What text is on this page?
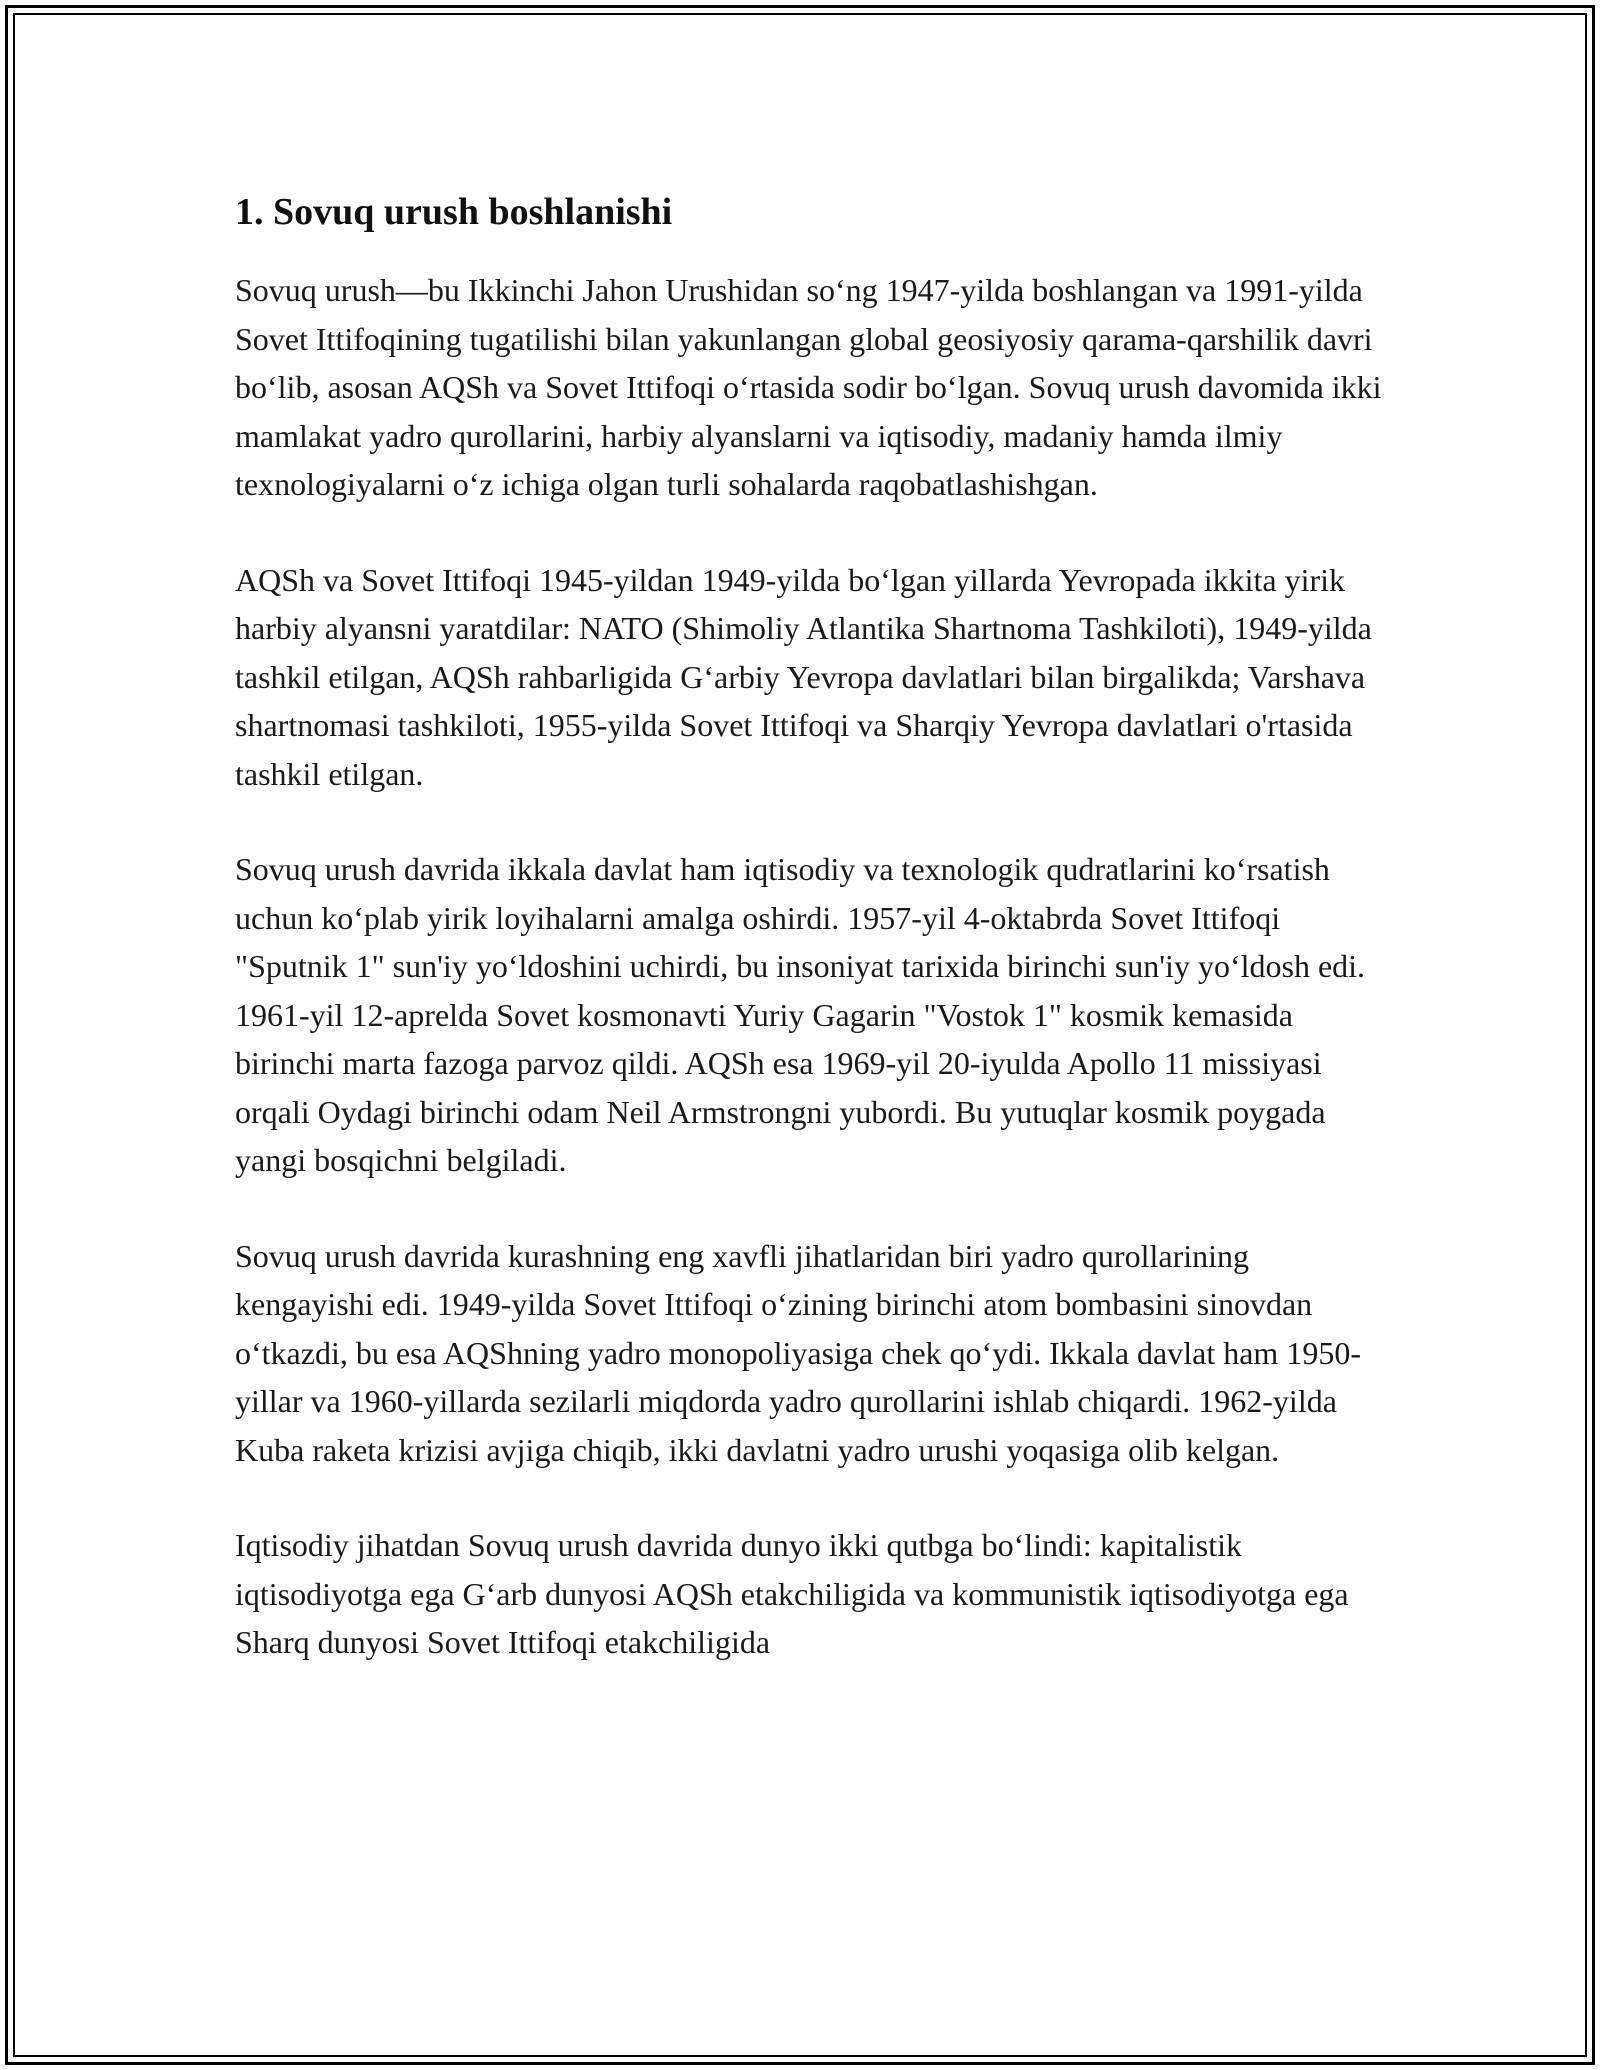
1. Sovuq urush boshlanishi

Sovuq urush—bu Ikkinchi Jahon Urushidan so‘ng 1947-yilda boshlangan va 1991-yilda Sovet Ittifoqining tugatilishi bilan yakunlangan global geosiyosiy qarama-qarshilik davri bo‘lib, asosan AQSh va Sovet Ittifoqi o‘rtasida sodir bo‘lgan. Sovuq urush davomida ikki mamlakat yadro qurollarini, harbiy alyanslarni va iqtisodiy, madaniy hamda ilmiy texnologiyalarni o‘z ichiga olgan turli sohalarda raqobatlashishgan.

AQSh va Sovet Ittifoqi 1945-yildan 1949-yilda bo‘lgan yillarda Yevropada ikkita yirik harbiy alyansni yaratdilar: NATO (Shimoliy Atlantika Shartnoma Tashkiloti), 1949-yilda tashkil etilgan, AQSh rahbarligida G‘arbiy Yevropa davlatlari bilan birgalikda; Varshava shartnomasi tashkiloti, 1955-yilda Sovet Ittifoqi va Sharqiy Yevropa davlatlari o'rtasida tashkil etilgan.

Sovuq urush davrida ikkala davlat ham iqtisodiy va texnologik qudratlarini ko‘rsatish uchun ko‘plab yirik loyihalarni amalga oshirdi. 1957-yil 4-oktabrda Sovet Ittifoqi "Sputnik 1" sun'iy yo‘ldoshini uchirdi, bu insoniyat tarixida birinchi sun'iy yo‘ldosh edi. 1961-yil 12-aprelda Sovet kosmonavti Yuriy Gagarin "Vostok 1" kosmik kemasida birinchi marta fazoga parvoz qildi. AQSh esa 1969-yil 20-iyulda Apollo 11 missiyasi orqali Oydagi birinchi odam Neil Armstrongni yubordi. Bu yutuqlar kosmik poygada yangi bosqichni belgiladi.

Sovuq urush davrida kurashning eng xavfli jihatlaridan biri yadro qurollarining kengayishi edi. 1949-yilda Sovet Ittifoqi o‘zining birinchi atom bombasini sinovdan o‘tkazdi, bu esa AQShning yadro monopoliyasiga chek qo‘ydi. Ikkala davlat ham 1950-yillar va 1960-yillarda sezilarli miqdorda yadro qurollarini ishlab chiqardi. 1962-yilda Kuba raketa krizisi avjiga chiqib, ikki davlatni yadro urushi yoqasiga olib kelgan.

Iqtisodiy jihatdan Sovuq urush davrida dunyo ikki qutbga bo‘lindi: kapitalistik iqtisodiyotga ega G‘arb dunyosi AQSh etakchiligida va kommunistik iqtisodiyotga ega Sharq dunyosi Sovet Ittifoqi etakchiligida
